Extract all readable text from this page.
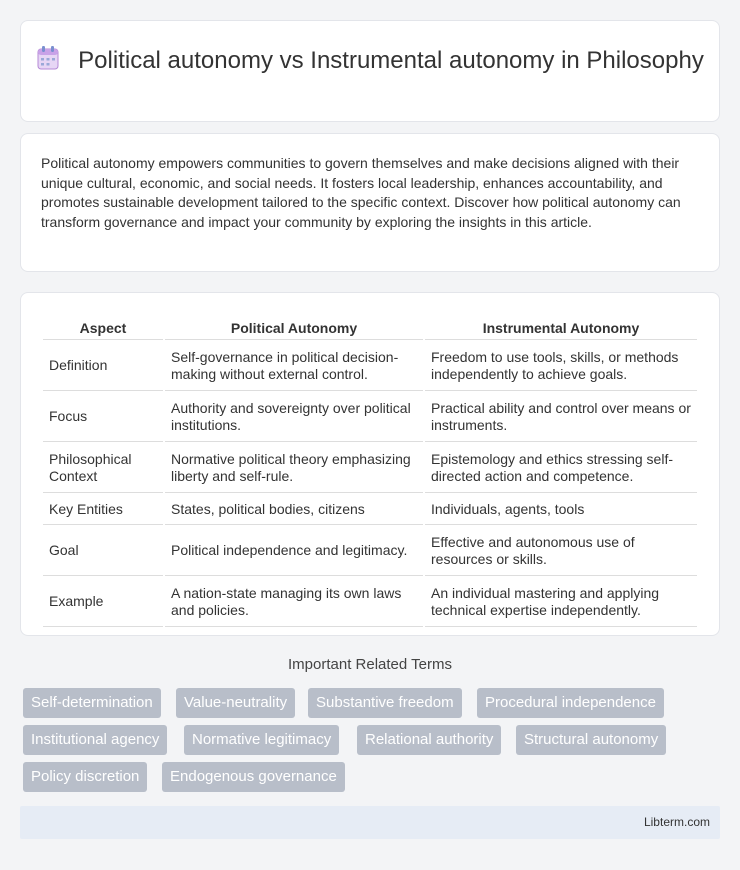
Political autonomy vs Instrumental autonomy in Philosophy

Political autonomy empowers communities to govern themselves and make decisions aligned with their unique cultural, economic, and social needs. It fosters local leadership, enhances accountability, and promotes sustainable development tailored to the specific context. Discover how political autonomy can transform governance and impact your community by exploring the insights in this article.

Aspect	Political Autonomy	Instrumental Autonomy
Definition	Self-governance in political decision-making without external control.	Freedom to use tools, skills, or methods independently to achieve goals.
Focus	Authority and sovereignty over political institutions.	Practical ability and control over means or instruments.
Philosophical Context	Normative political theory emphasizing liberty and self-rule.	Epistemology and ethics stressing self-directed action and competence.
Key Entities	States, political bodies, citizens	Individuals, agents, tools
Goal	Political independence and legitimacy.	Effective and autonomous use of resources or skills.
Example	A nation-state managing its own laws and policies.	An individual mastering and applying technical expertise independently.
Important Related Terms
Self-determination	Value-neutrality	Substantive freedom	Procedural independence
Institutional agency	Normative legitimacy	Relational authority	Structural autonomy
Policy discretion	Endogenous governance
Libterm.com
